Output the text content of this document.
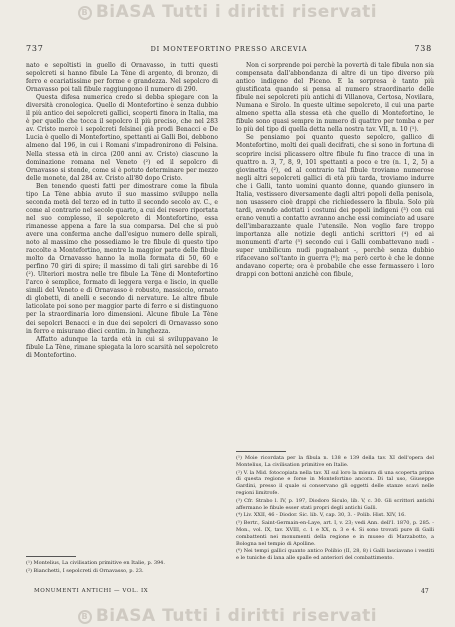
B BiASA Tutti i diritti riservati
737	DI MONTEFORTINO PRESSO ARCEVIA	738

nato e sepoltisti in guello di Ornavasso, in tutti questi sepolcreti si hanno fibule La Tène di argento, di bronzo, di ferro e ecariatissime per forme e grandezza. Nel sepolcro di Ornavasso poi tali fibule raggiungono il numero di 290.

Questa difesa numerica credo si debba spiegare con la diversità cronologica. Quello di Montefortino è senza dubbio il più antico dei sepolcreti gallici, scoperti finora in Italia, ma è per quello che tocca il sepolcro il più preciso, che nel 283 av. Cristo mercè i sepolcreti felsinei già prodi Benacci e De Lucia è quello di Montefortino, spettanti ai Galli Boi, debbono almeno dal 196, in cui i Romani s'impadronirono di Felsina. Nella stessa età in circa (200 anni av. Cristo) ciascuno la dominazione romana nel Veneto (²) ed il sepolcro di Ornavasso si stende, come si è potuto determinare per mezzo delle monete, dal 284 av. Cristo all'80 dopo Cristo.

Ben tenendo questi fatti per dimostrare come la fibula tipo La Tène abbia avuto il suo massimo sviluppo nella seconda metà del terzo ed in tutto il secondo secolo av. C., e come al contrario nel secolo quarto, a cui dei resero riportata nel suo complesso, il sepolcreto di Montefortino, essa rimanesse appena a fare la sua comparsa. Del che si può avere una conferma anche dall'esiguo numero delle spirali, noto al massimo che possediamo le tre fibule di questo tipo raccolte a Montefortino, mentre la maggior parte delle fibule molto da Ornavasso hanno la molla formata di 50, 60 e perfino 70 giri di spire; il massimo di tali giri sarebbe di 16 (²). Ulteriori mostra nelle tre fibule La Tène di Montefortino l'arco è semplice, formato di leggera verga e liscio, in quelle simili del Veneto e di Ornavasso è robusto, massiccio, ornato di globetti, di anelli e secondo di nervature. Le altre fibule laticolate poi sono per maggior parte di ferro e si distinguono per la straordinaria loro dimensioni. Alcune fibule La Tène dei sepolcri Benacci e in due dei sepolcri di Ornavasso sono in ferro e misurano dieci centim. in lunghezza.

Affatto adunque la tarda età in cui si sviluppavano le fibule La Tène, rimane spiegata la loro scarsità nel sepolcreto di Montefortino.

(¹) Montelius, La civilisation primitive en Italie, p. 394.
(²) Bianchetti, I sepolcreti di Ornavasso, p. 23.

Non ci sorprende poi perchè la povertà di tale fibula non sia compensata dall'abbondanza di altre di un tipo diverso più antico indigeno del Piceno. E la sorpresa è tanto più giustificata quando si pensa al numero straordinario delle fibule nei sepolcreti più antichi di Villanova, Certosa, Novilara, Numana e Sirolo. In queste ultime sepolcreto, il cui una parte almeno spetta alla stessa età che quello di Montefortino, le fibule sono quasi sempre in numero di quattro per tomba e per lo più del tipo di quella detta nella nostra tav. VII, n. 10 (¹).

Se pensiamo poi quanto questo sepolcro, gallico di Montefortino, molti dei quali decifrati, che si sono in fortuna di scoprire incisi plicassero oltre fibule fu fino tracce di una in quattro n. 3, 7, 8, 9, 101 spettanti a poco e tre (n. 1, 2, 5) a giovinetta (²), ed al contrario tal fibule troviamo numerose negli altri sepolcreti gallici di età più tarda, troviamo indurre che i Galli, tanto uomini quanto donne, quando giunsero in Italia, vestissero diversamente dagli altri popoli della penisola, non usassero cioè drappi che richiedessero la fibula. Solo più tardi, avendo adottati i costumi dei popoli indigeni (³) con cui erano venuti a contatto avranno anche essi cominciato ad usare dell'imbarazzante quale l'utensile. Non voglio fare troppo importanza alle notizie degli antichi scrittori (⁴) ed ai monumenti d'arte (⁵) secondo cui i Galli combattevano nudi - super umbilicum nudi pugnabant -, perchè senza dubbio rifacevano sol'tanto in guerra (⁶); ma però certo è che le donne andavano coperte; ora è probabile che esse fermassero i loro drappi con bottoni anzichè con fibule,

(¹) Moie ricordata per la fibula n. 138 e 139 della tav. XI dell'opera del Montelius, La civilisation primitive en Italie.
(²) V. la Mid. fotocopiata nella tav. XI sul loro la misura di una scoperta prima di questa regione e forse in Montefortino ancora. Di tal uso, Giuseppe Gardini, presso il quale si conservano gli oggetti delle stanze scavi nelle regioni limitrofe.
(³) Cfr. Strabo l. IV, p. 197, Diodoro Siculo, lib. V, c. 30. Gli scrittori antichi affermano le fibule esser stati propri degli antichi Galli.
(⁴) Liv. XXII, 46 - Diodor. Sic. lib. V, cap. 30, 3. - Polib. Hist. XIV, 16.
(⁵) Bertr., Saint-Germain-en-Laye, art. I, v. 23; vedi Ann. dell'I. 1870, p. 285. - Mon., vol. IX, tav. XVIII, c. 1 e XX, n. 3 e 4. Si sono trovati pure di Galli combattenti nei monumenti della regione e in museo di Marzabotto, a Bologna nel tempio di Apolline.
(⁶) Nei tempi gallici quanto antico Polibio (II, 28, 8) i Galli lasciavano i vestiti e le tuniche di lana alle spalle ed anteriori del combattimento.
MONUMENTI ANTICHI — VOL. IX	47
B BiASA Tutti i diritti riservati
